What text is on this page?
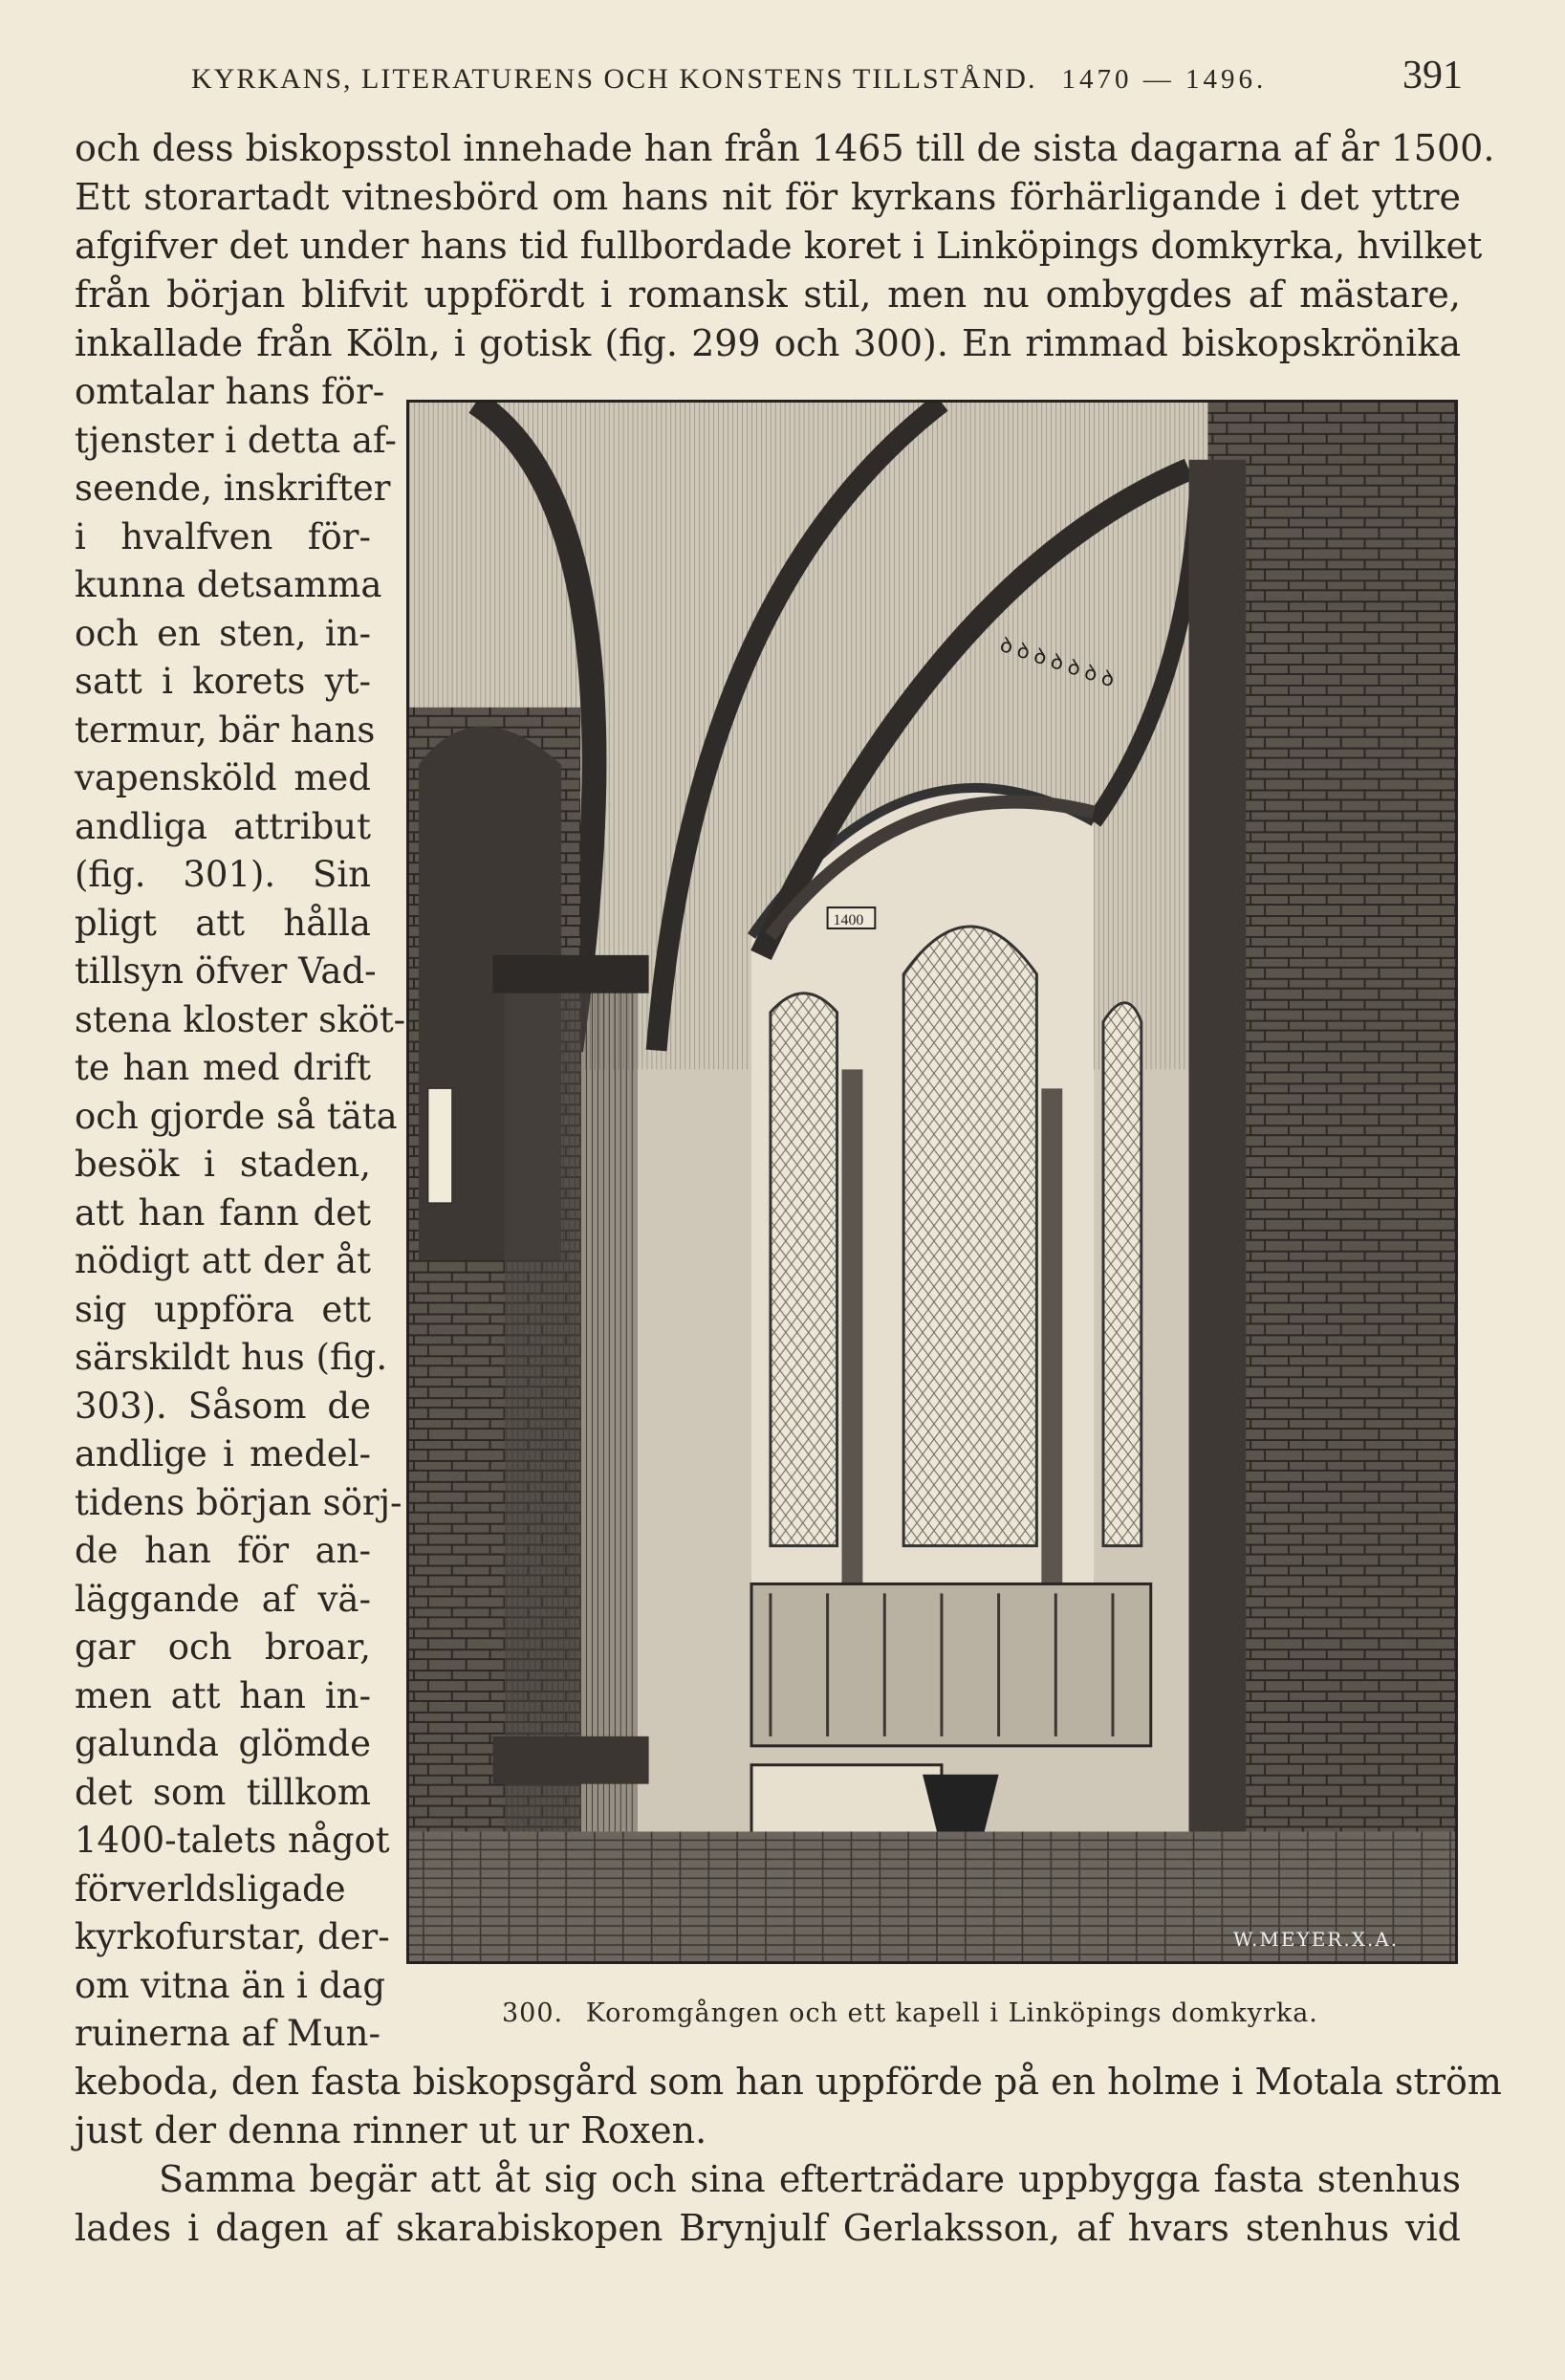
KYRKANS, LITERATURENS OCH KONSTENS TILLSTÅND. 1470 — 1496.	391
och dess biskopsstol innehade han från 1465 till de sista dagarna af år 1500.
Ett storartadt vitnesbörd om hans nit för kyrkans förhärligande i det yttre
afgifver det under hans tid fullbordade koret i Linköpings domkyrka, hvilket
från början blifvit uppfördt i romansk stil, men nu ombygdes af mästare,
inkallade från Köln, i gotisk (fig. 299 och 300). En rimmad biskopskrönika
omtalar hans för-
tjenster i detta af-
seende, inskrifter
i hvalfven för-
kunna detsamma
och en sten, in-
satt i korets yt-
termur, bär hans
vapensköld med
andliga attribut
(fig. 301). Sin
pligt att hålla
tillsyn öfver Vad-
stena kloster sköt-
te han med drift
och gjorde så täta
besök i staden,
att han fann det
nödigt att der åt
sig uppföra ett
särskildt hus (fig.
303). Såsom de
andlige i medel-
tidens början sörj-
de han för an-
läggande af vä-
gar och broar,
men att han in-
galunda glömde
det som tillkom
1400-talets något
förverldsligade
kyrkofurstar, der-
om vitna än i dag
ruinerna af Mun-
ꝺ ꝺ ꝺ ꝺ ꝺ ꝺ ꝺ
1400
W.MEYER.X.A.
300. Koromgången och ett kapell i Linköpings domkyrka.
keboda, den fasta biskopsgård som han uppförde på en holme i Motala ström
just der denna rinner ut ur Roxen.
Samma begär att åt sig och sina efterträdare uppbygga fasta stenhus
lades i dagen af skarabiskopen Brynjulf Gerlaksson, af hvars stenhus vid
